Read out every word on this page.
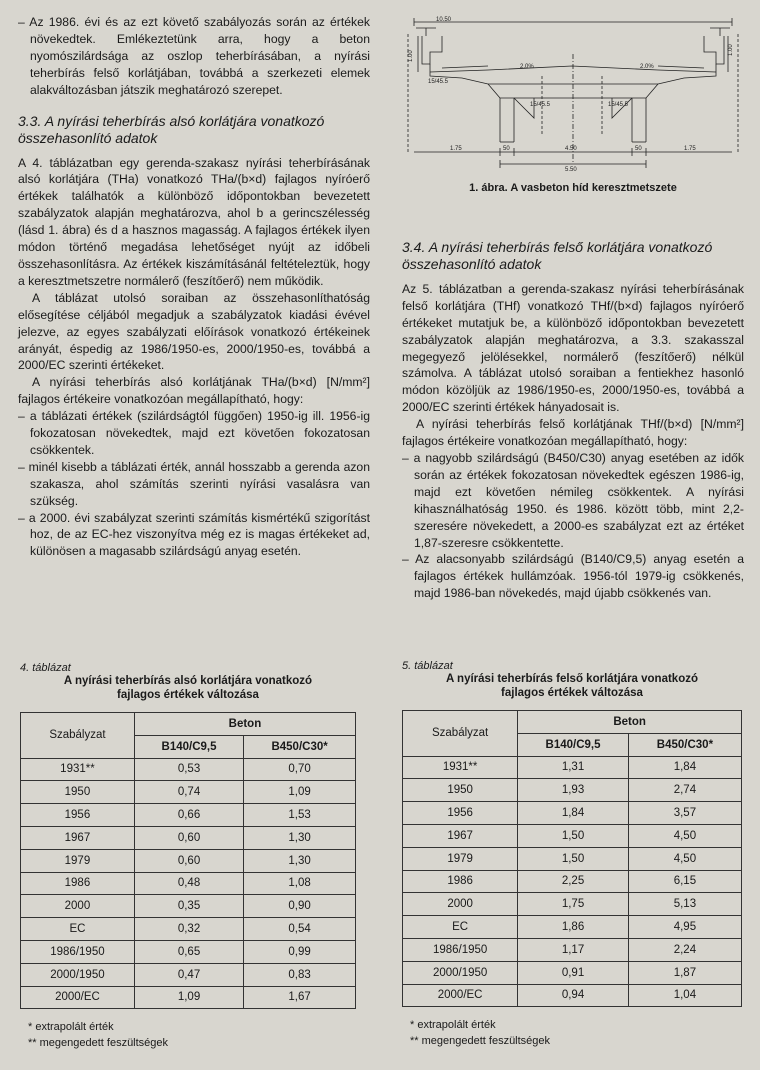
– Az 1986. évi és az ezt követő szabályozás során az értékek növekedtek. Emlékeztetünk arra, hogy a beton nyomószilárdsága az oszlop teherbírásában, a nyírási teherbírás felső korlátjában, továbbá a szerkezeti elemek alakváltozásban játszik meghatározó szerepet.

3.3. A nyírási teherbírás alsó korlátjára vonatkozó összehasonlító adatok

A 4. táblázatban egy gerenda-szakasz nyírási teherbírásának alsó korlátjára (THa) vonatkozó THa/(b×d) fajlagos nyíróerő értékek találhatók a különböző időpontokban bevezetett szabályzatok alapján meghatározva, ahol b a gerincszélesség (lásd 1. ábra) és d a hasznos magasság. A fajlagos értékek ilyen módon történő megadása lehetőséget nyújt az időbeli összehasonlításra. Az értékek kiszámításánál feltételeztük, hogy a keresztmetszetre normálerő (feszítőerő) nem működik.

A táblázat utolsó soraiban az összehasonlíthatóság elősegítése céljából megadjuk a szabályzatok kiadási évével jelezve, az egyes szabályzati előírások vonatkozó értékeinek arányát, éspedig az 1986/1950-es, 2000/1950-es, továbbá a 2000/EC szerinti értékeket.

A nyírási teherbírás alsó korlátjának THa/(b×d) [N/mm²] fajlagos értékeire vonatkozóan megállapítható, hogy:

– a táblázati értékek (szilárdságtól függően) 1950-ig ill. 1956-ig fokozatosan növekedtek, majd ezt követően fokozatosan csökkentek.

– minél kisebb a táblázati érték, annál hosszabb a gerenda azon szakasza, ahol számítás szerinti nyírási vasalásra van szükség.

– a 2000. évi szabályzat szerinti számítás kismértékű szigorítást hoz, de az EC-hez viszonyítva még ez is magas értékeket ad, különösen a magasabb szilárdságú anyag esetén.

10.50
1.00
1.00
2.0%	2.0%
15/45.5
15/45.5	15/45.5
1.75	50	4.50	50	1.75
5.50
1. ábra. A vasbeton híd keresztmetszete
3.4. A nyírási teherbírás felső korlátjára vonatkozó összehasonlító adatok

Az 5. táblázatban a gerenda-szakasz nyírási teherbírásának felső korlátjára (THf) vonatkozó THf/(b×d) fajlagos nyíróerő értékeket mutatjuk be, a különböző időpontokban bevezetett szabályzatok alapján meghatározva, a 3.3. szakasszal megegyező jelölésekkel, normálerő (feszítőerő) nélkül számolva. A táblázat utolsó soraiban a fentiekhez hasonló módon közöljük az 1986/1950-es, 2000/1950-es, továbbá a 2000/EC szerinti értékek hányadosait is.

A nyírási teherbírás felső korlátjának THf/(b×d) [N/mm²] fajlagos értékeire vonatkozóan megállapítható, hogy:

– a nagyobb szilárdságú (B450/C30) anyag esetében az idők során az értékek fokozatosan növekedtek egészen 1986-ig, majd ezt követően némileg csökkentek. A nyírási kihasználhatóság 1950. és 1986. között több, mint 2,2-szeresére növekedett, a 2000-es szabályzat ezt az értéket 1,87-szeresre csökkentette.

– Az alacsonyabb szilárdságú (B140/C9,5) anyag esetén a fajlagos értékek hullámzóak. 1956-tól 1979-ig csökkenés, majd 1986-ban növekedés, majd újabb csökkenés van.

4. táblázat
A nyírási teherbírás alsó korlátjára vonatkozó
fajlagos értékek változása
Szabályzat	Beton	
	B140/C9,5	B450/C30*
1931**	0,53	0,70
1950	0,74	1,09
1956	0,66	1,53
1967	0,60	1,30
1979	0,60	1,30
1986	0,48	1,08
2000	0,35	0,90
EC	0,32	0,54
1986/1950	0,65	0,99
2000/1950	0,47	0,83
2000/EC	1,09	1,67
* extrapolált érték
** megengedett feszültségek
5. táblázat
A nyírási teherbírás felső korlátjára vonatkozó
fajlagos értékek változása
Szabályzat	Beton	
	B140/C9,5	B450/C30*
1931**	1,31	1,84
1950	1,93	2,74
1956	1,84	3,57
1967	1,50	4,50
1979	1,50	4,50
1986	2,25	6,15
2000	1,75	5,13
EC	1,86	4,95
1986/1950	1,17	2,24
2000/1950	0,91	1,87
2000/EC	0,94	1,04
* extrapolált érték
** megengedett feszültségek
